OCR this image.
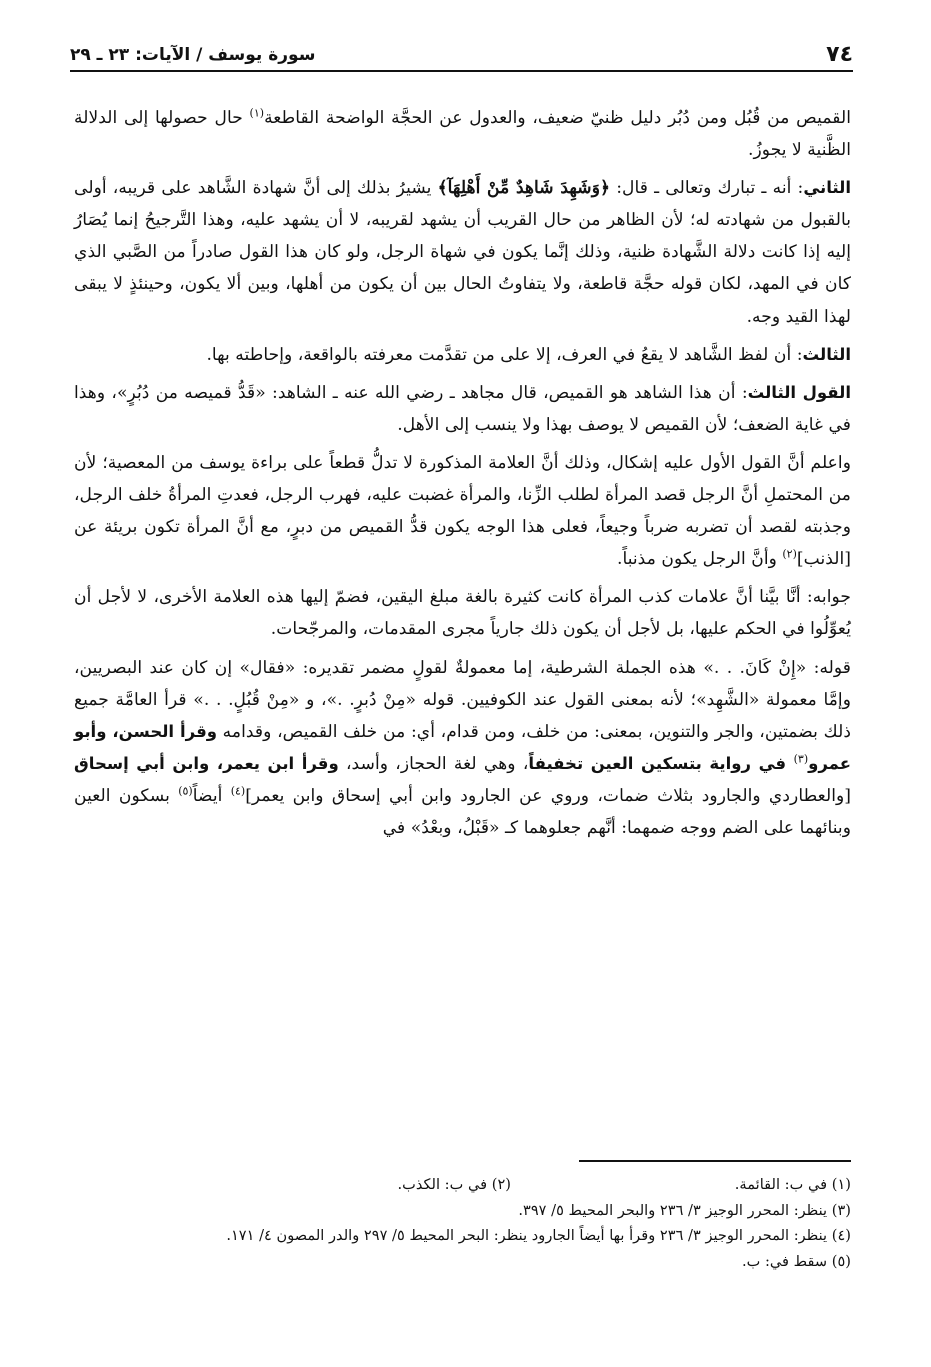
٧٤
سورة يوسف / الآيات: ٢٣ ـ ٢٩

القميص من قُبُل ومن دُبُر دليل ظنيّ ضعيف، والعدول عن الحجَّة الواضحة القاطعة$^{(١)}$ حال حصولها إلى الدلالة الظَّنية لا يجوزُ.

الثاني: أنه ـ تبارك وتعالى ـ قال: ﴿وَشَهِدَ شَاهِدٌ مِّنْ أَهْلِهَآ﴾ يشيرُ بذلك إلى أنَّ شهادة الشَّاهد على قريبه، أولى بالقبول من شهادته له؛ لأن الظاهر من حال القريب أن يشهد لقريبه، لا أن يشهد عليه، وهذا التَّرجيحُ إنما يُصَارُ إليه إذا كانت دلالة الشَّهادة ظنية، وذلك إنَّما يكون في شهاة الرجل، ولو كان هذا القول صادراً من الصَّبي الذي كان في المهد، لكان قوله حجَّة قاطعة، ولا يتفاوتُ الحال بين أن يكون من أهلها، وبين ألا يكون، وحينئذٍ لا يبقى لهذا القيد وجه.

الثالث: أن لفظ الشَّاهد لا يقعُ في العرف، إلا على من تقدَّمت معرفته بالواقعة، وإحاطته بها.

القول الثالث: أن هذا الشاهد هو القميص، قال مجاهد ـ رضي الله عنه ـ الشاهد: «قَدُّ قميصه من دُبُرٍ»، وهذا في غاية الضعف؛ لأن القميص لا يوصف بهذا ولا ينسب إلى الأهل.

واعلم أنَّ القول الأول عليه إشكال، وذلك أنَّ العلامة المذكورة لا تدلُّ قطعاً على براءة يوسف من المعصية؛ لأن من المحتملِ أنَّ الرجل قصد المرأة لطلب الزِّنا، والمرأة غضبت عليه، فهرب الرجل، فعدتِ المرأةُ خلف الرجل، وجذبته لقصد أن تضربه ضرباً وجيعاً، فعلى هذا الوجه يكون قدُّ القميص من دبرٍ، مع أنَّ المرأة تكون بريئة عن [الذنب]$^{(٢)}$ وأنَّ الرجل يكون مذنباً.

جوابه: أنَّا بيَّنا أنَّ علامات كذب المرأة كانت كثيرة بالغة مبلغ اليقين، فضمّ إليها هذه العلامة الأخرى، لا لأجل أن يُعوِّلُوا في الحكم عليها، بل لأجل أن يكون ذلك جارياً مجرى المقدمات، والمرجّحات.

قوله: «إِنْ كَانَ. . .» هذه الجملة الشرطية، إما معمولةٌ لقولٍ مضمر تقديره: «فقال» إن كان عند البصريين، وإمَّا معمولة «الشَّهِد»؛ لأنه بمعنى القول عند الكوفيين. قوله «مِنْ دُبرٍ. .»، و «مِنْ قُبُلٍ. . .» قرأ العامَّة جميع ذلك بضمتين، والجر والتنوين، بمعنى: من خلف، ومن قدام، أي: من خلف القميص، وقدامه وقرأ الحسن، وأبو عمرو$^{(٣)}$ في رواية بتسكين العين تخفيفاً، وهي لغة الحجاز، وأسد، وقرأ ابن يعمر، وابن أبي إسحاق [والعطاردي والجارود بثلاث ضمات، وروي عن الجارود وابن أبي إسحاق وابن يعمر]$^{(٤)}$ أيضاً$^{(٥)}$ بسكون العين وبنائهما على الضم ووجه ضمهما: أنَّهم جعلوهما كـ «قَبْلُ، وبعْدُ» في

(١) في ب: القائمة.
(٢) في ب: الكذب.
(٣) ينظر: المحرر الوجيز ٣/ ٢٣٦ والبحر المحيط ٥/ ٣٩٧.
(٤) ينظر: المحرر الوجيز ٣/ ٢٣٦ وقرأ بها أيضاً الجارود ينظر: البحر المحيط ٥/ ٢٩٧ والدر المصون ٤/ ١٧١.
(٥) سقط في: ب.
